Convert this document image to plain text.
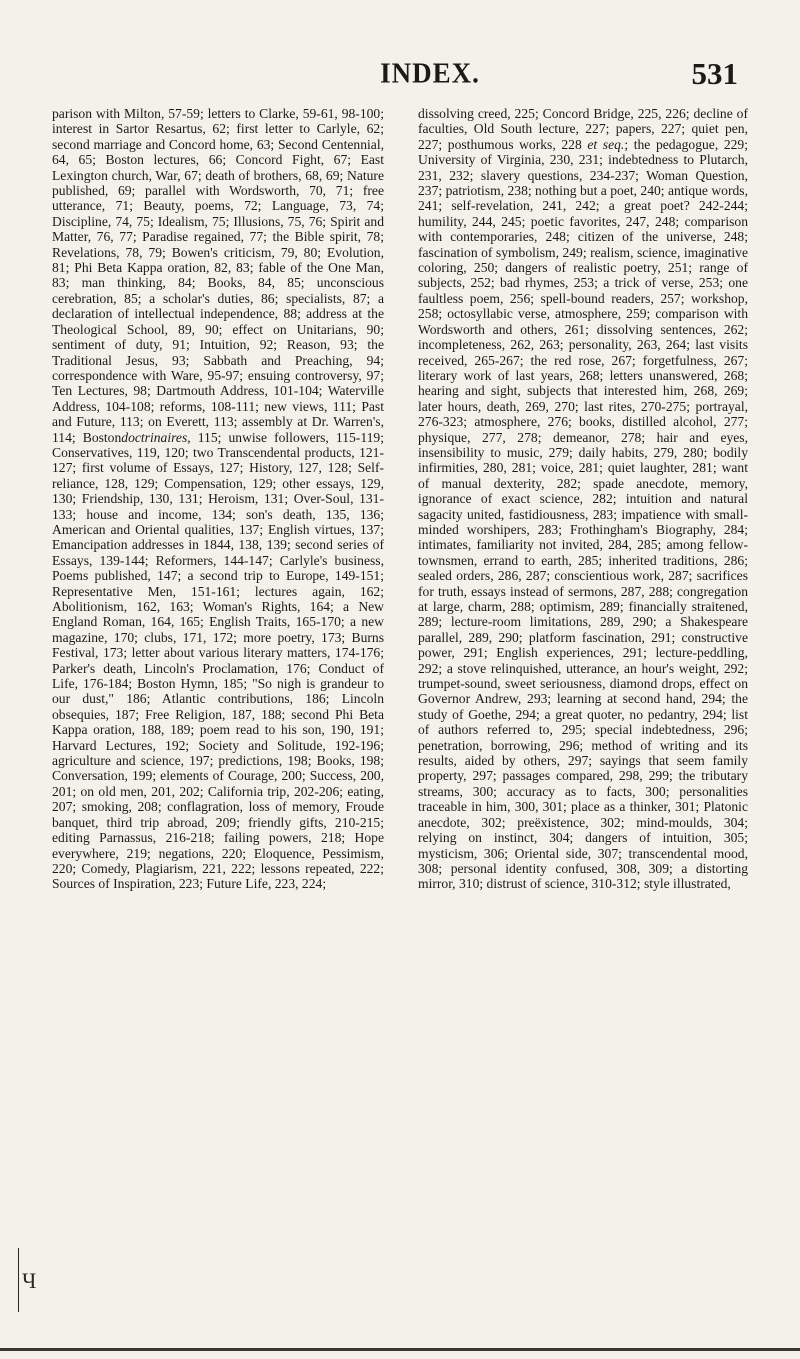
INDEX.	531

parison with Milton, 57-59; letters to Clarke, 59-61, 98-100; interest in Sartor Resartus, 62; first letter to Carlyle, 62; second marriage and Concord home, 63; Second Centennial, 64, 65; Boston lectures, 66; Concord Fight, 67; East Lexington church, War, 67; death of brothers, 68, 69; Nature published, 69; parallel with Wordsworth, 70, 71; free utterance, 71; Beauty, poems, 72; Language, 73, 74; Discipline, 74, 75; Idealism, 75; Illusions, 75, 76; Spirit and Matter, 76, 77; Paradise regained, 77; the Bible spirit, 78; Revelations, 78, 79; Bowen's criticism, 79, 80; Evolution, 81; Phi Beta Kappa oration, 82, 83; fable of the One Man, 83; man thinking, 84; Books, 84, 85; unconscious cerebration, 85; a scholar's duties, 86; specialists, 87; a declaration of intellectual independence, 88; address at the Theological School, 89, 90; effect on Unitarians, 90; sentiment of duty, 91; Intuition, 92; Reason, 93; the Traditional Jesus, 93; Sabbath and Preaching, 94; correspondence with Ware, 95-97; ensuing controversy, 97; Ten Lectures, 98; Dartmouth Address, 101-104; Waterville Address, 104-108; reforms, 108-111; new views, 111; Past and Future, 113; on Everett, 113; assembly at Dr. Warren's, 114; Bostondoctrinaires, 115; unwise followers, 115-119; Conservatives, 119, 120; two Transcendental products, 121-127; first volume of Essays, 127; History, 127, 128; Self-reliance, 128, 129; Compensation, 129; other essays, 129, 130; Friendship, 130, 131; Heroism, 131; Over-Soul, 131-133; house and income, 134; son's death, 135, 136; American and Oriental qualities, 137; English virtues, 137; Emancipation addresses in 1844, 138, 139; second series of Essays, 139-144; Reformers, 144-147; Carlyle's business, Poems published, 147; a second trip to Europe, 149-151; Representative Men, 151-161; lectures again, 162; Abolitionism, 162, 163; Woman's Rights, 164; a New England Roman, 164, 165; English Traits, 165-170; a new magazine, 170; clubs, 171, 172; more poetry, 173; Burns Festival, 173; letter about various literary matters, 174-176; Parker's death, Lincoln's Proclamation, 176; Conduct of Life, 176-184; Boston Hymn, 185; "So nigh is grandeur to our dust," 186; Atlantic contributions, 186; Lincoln obsequies, 187; Free Religion, 187, 188; second Phi Beta Kappa oration, 188, 189; poem read to his son, 190, 191; Harvard Lectures, 192; Society and Solitude, 192-196; agriculture and science, 197; predictions, 198; Books, 198; Conversation, 199; elements of Courage, 200; Success, 200, 201; on old men, 201, 202; California trip, 202-206; eating, 207; smoking, 208; conflagration, loss of memory, Froude banquet, third trip abroad, 209; friendly gifts, 210-215; editing Parnassus, 216-218; failing powers, 218; Hope everywhere, 219; negations, 220; Eloquence, Pessimism, 220; Comedy, Plagiarism, 221, 222; lessons repeated, 222; Sources of Inspiration, 223; Future Life, 223, 224;

dissolving creed, 225; Concord Bridge, 225, 226; decline of faculties, Old South lecture, 227; papers, 227; quiet pen, 227; posthumous works, 228 et seq.; the pedagogue, 229; University of Virginia, 230, 231; indebtedness to Plutarch, 231, 232; slavery questions, 234-237; Woman Question, 237; patriotism, 238; nothing but a poet, 240; antique words, 241; self-revelation, 241, 242; a great poet? 242-244; humility, 244, 245; poetic favorites, 247, 248; comparison with contemporaries, 248; citizen of the universe, 248; fascination of symbolism, 249; realism, science, imaginative coloring, 250; dangers of realistic poetry, 251; range of subjects, 252; bad rhymes, 253; a trick of verse, 253; one faultless poem, 256; spell-bound readers, 257; workshop, 258; octosyllabic verse, atmosphere, 259; comparison with Wordsworth and others, 261; dissolving sentences, 262; incompleteness, 262, 263; personality, 263, 264; last visits received, 265-267; the red rose, 267; forgetfulness, 267; literary work of last years, 268; letters unanswered, 268; hearing and sight, subjects that interested him, 268, 269; later hours, death, 269, 270; last rites, 270-275; portrayal, 276-323; atmosphere, 276; books, distilled alcohol, 277; physique, 277, 278; demeanor, 278; hair and eyes, insensibility to music, 279; daily habits, 279, 280; bodily infirmities, 280, 281; voice, 281; quiet laughter, 281; want of manual dexterity, 282; spade anecdote, memory, ignorance of exact science, 282; intuition and natural sagacity united, fastidiousness, 283; impatience with small-minded worshipers, 283; Frothingham's Biography, 284; intimates, familiarity not invited, 284, 285; among fellow-townsmen, errand to earth, 285; inherited traditions, 286; sealed orders, 286, 287; conscientious work, 287; sacrifices for truth, essays instead of sermons, 287, 288; congregation at large, charm, 288; optimism, 289; financially straitened, 289; lecture-room limitations, 289, 290; a Shakespeare parallel, 289, 290; platform fascination, 291; constructive power, 291; English experiences, 291; lecture-peddling, 292; a stove relinquished, utterance, an hour's weight, 292; trumpet-sound, sweet seriousness, diamond drops, effect on Governor Andrew, 293; learning at second hand, 294; the study of Goethe, 294; a great quoter, no pedantry, 294; list of authors referred to, 295; special indebtedness, 296; penetration, borrowing, 296; method of writing and its results, aided by others, 297; sayings that seem family property, 297; passages compared, 298, 299; the tributary streams, 300; accuracy as to facts, 300; personalities traceable in him, 300, 301; place as a thinker, 301; Platonic anecdote, 302; preëxistence, 302; mind-moulds, 304; relying on instinct, 304; dangers of intuition, 305; mysticism, 306; Oriental side, 307; transcendental mood, 308; personal identity confused, 308, 309; a distorting mirror, 310; distrust of science, 310-312; style illustrated,

Ч
